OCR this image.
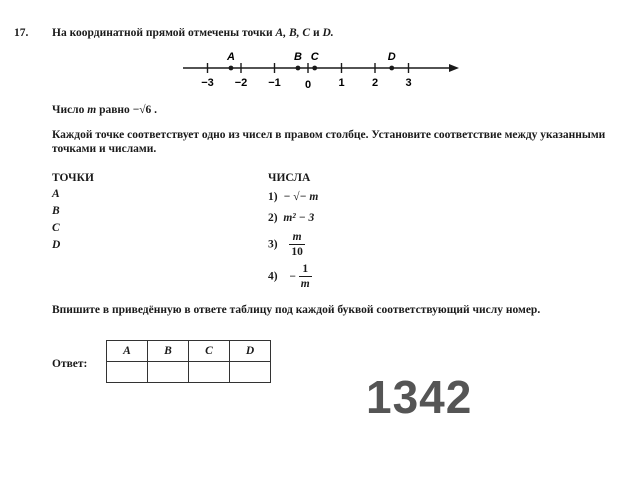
17. На координатной прямой отмечены точки A, B, C и D.
−3 −2 −1 0 1 2 3
A	B C	D
Число m равно −√6 .
Каждой точке соответствует одно из чисел в правом столбце. Установите соответствие между указанными точками и числами.
ТОЧКИ
A
B
C
D
ЧИСЛА
1) − √− m
2) m² − 3
$3) \frac{m}{10}$
$4) - \frac{1}{m}$
Впишите в приведённую в ответе таблицу под каждой буквой соответствующий числу номер.
Ответ:
A	B	C	D

1342
